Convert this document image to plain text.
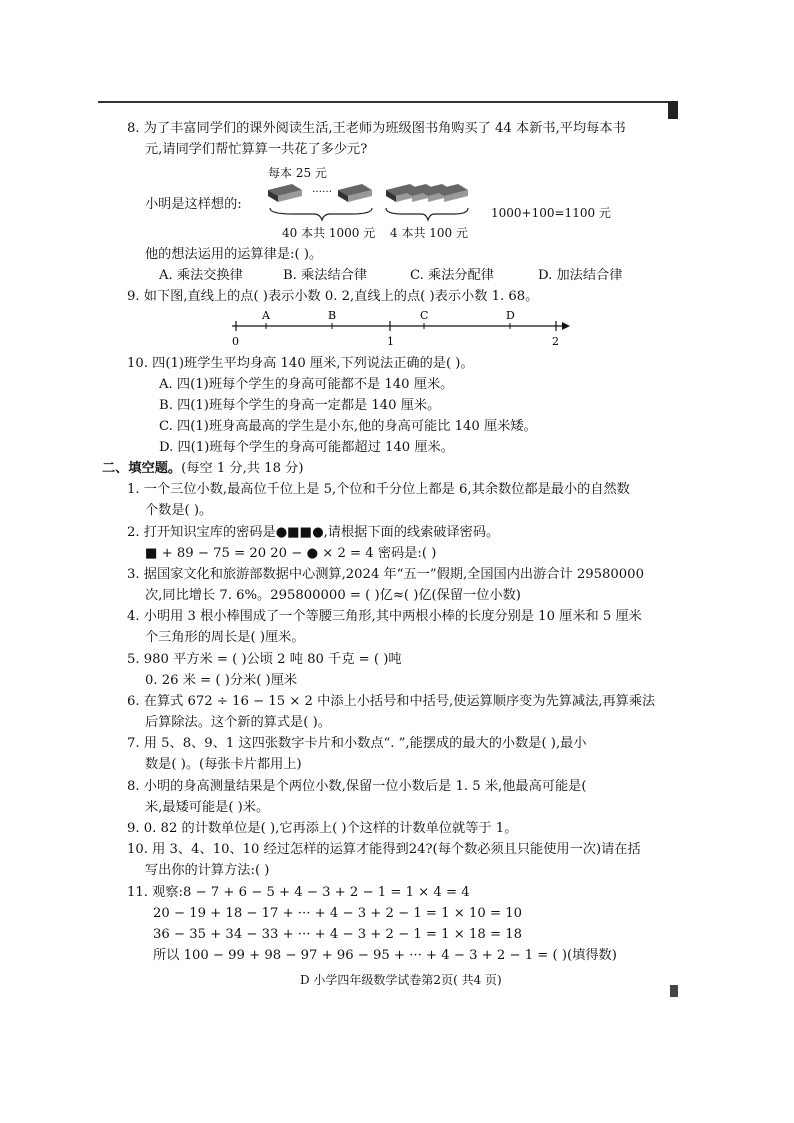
8. 为了丰富同学们的课外阅读生活,王老师为班级图书角购买了 44 本新书,平均每本书
元,请同学们帮忙算算一共花了多少元?
每本 25 元
小明是这样想的:
……
40 本共 1000 元 4 本共 100 元
1000+100=1100 元
他的想法运用的运算律是:( )。
A. 乘法交换律	B. 乘法结合律	C. 乘法分配律	D. 加法结合律
9. 如下图,直线上的点( )表示小数 0. 2,直线上的点( )表示小数 1. 68。
A	B	C	D
0	1	2
10. 四(1)班学生平均身高 140 厘米,下列说法正确的是( )。
A. 四(1)班每个学生的身高可能都不是 140 厘米。
B. 四(1)班每个学生的身高一定都是 140 厘米。
C. 四(1)班身高最高的学生是小东,他的身高可能比 140 厘米矮。
D. 四(1)班每个学生的身高可能都超过 140 厘米。
二、填空题。(每空 1 分,共 18 分)
1. 一个三位小数,最高位千位上是 5,个位和千分位上都是 6,其余数位都是最小的自然数
个数是( )。
2. 打开知识宝库的密码是●■■●,请根据下面的线索破译密码。
■ + 89 − 75 = 20 20 − ● × 2 = 4 密码是:( )
3. 据国家文化和旅游部数据中心测算,2024 年“五一”假期,全国国内出游合计 29580000
次,同比增长 7. 6%。295800000 = ( )亿≈( )亿(保留一位小数)
4. 小明用 3 根小棒围成了一个等腰三角形,其中两根小棒的长度分别是 10 厘米和 5 厘米
个三角形的周长是( )厘米。
5. 980 平方米 = ( )公顷 2 吨 80 千克 = ( )吨
0. 26 米 = ( )分米( )厘米
6. 在算式 672 ÷ 16 − 15 × 2 中添上小括号和中括号,使运算顺序变为先算减法,再算乘法
后算除法。这个新的算式是( )。
7. 用 5、8、9、1 这四张数字卡片和小数点“. ”,能摆成的最大的小数是( ),最小
数是( )。(每张卡片都用上)
8. 小明的身高测量结果是个两位小数,保留一位小数后是 1. 5 米,他最高可能是(
米,最矮可能是( )米。
9. 0. 82 的计数单位是( ),它再添上( )个这样的计数单位就等于 1。
10. 用 3、4、10、10 经过怎样的运算才能得到24?(每个数必须且只能使用一次)请在括
写出你的计算方法:( )
11. 观察:8 − 7 + 6 − 5 + 4 − 3 + 2 − 1 = 1 × 4 = 4
20 − 19 + 18 − 17 + ··· + 4 − 3 + 2 − 1 = 1 × 10 = 10
36 − 35 + 34 − 33 + ··· + 4 − 3 + 2 − 1 = 1 × 18 = 18
所以 100 − 99 + 98 − 97 + 96 − 95 + ··· + 4 − 3 + 2 − 1 = ( )(填得数)
D 小学四年级数学试卷第2页( 共4 页)
